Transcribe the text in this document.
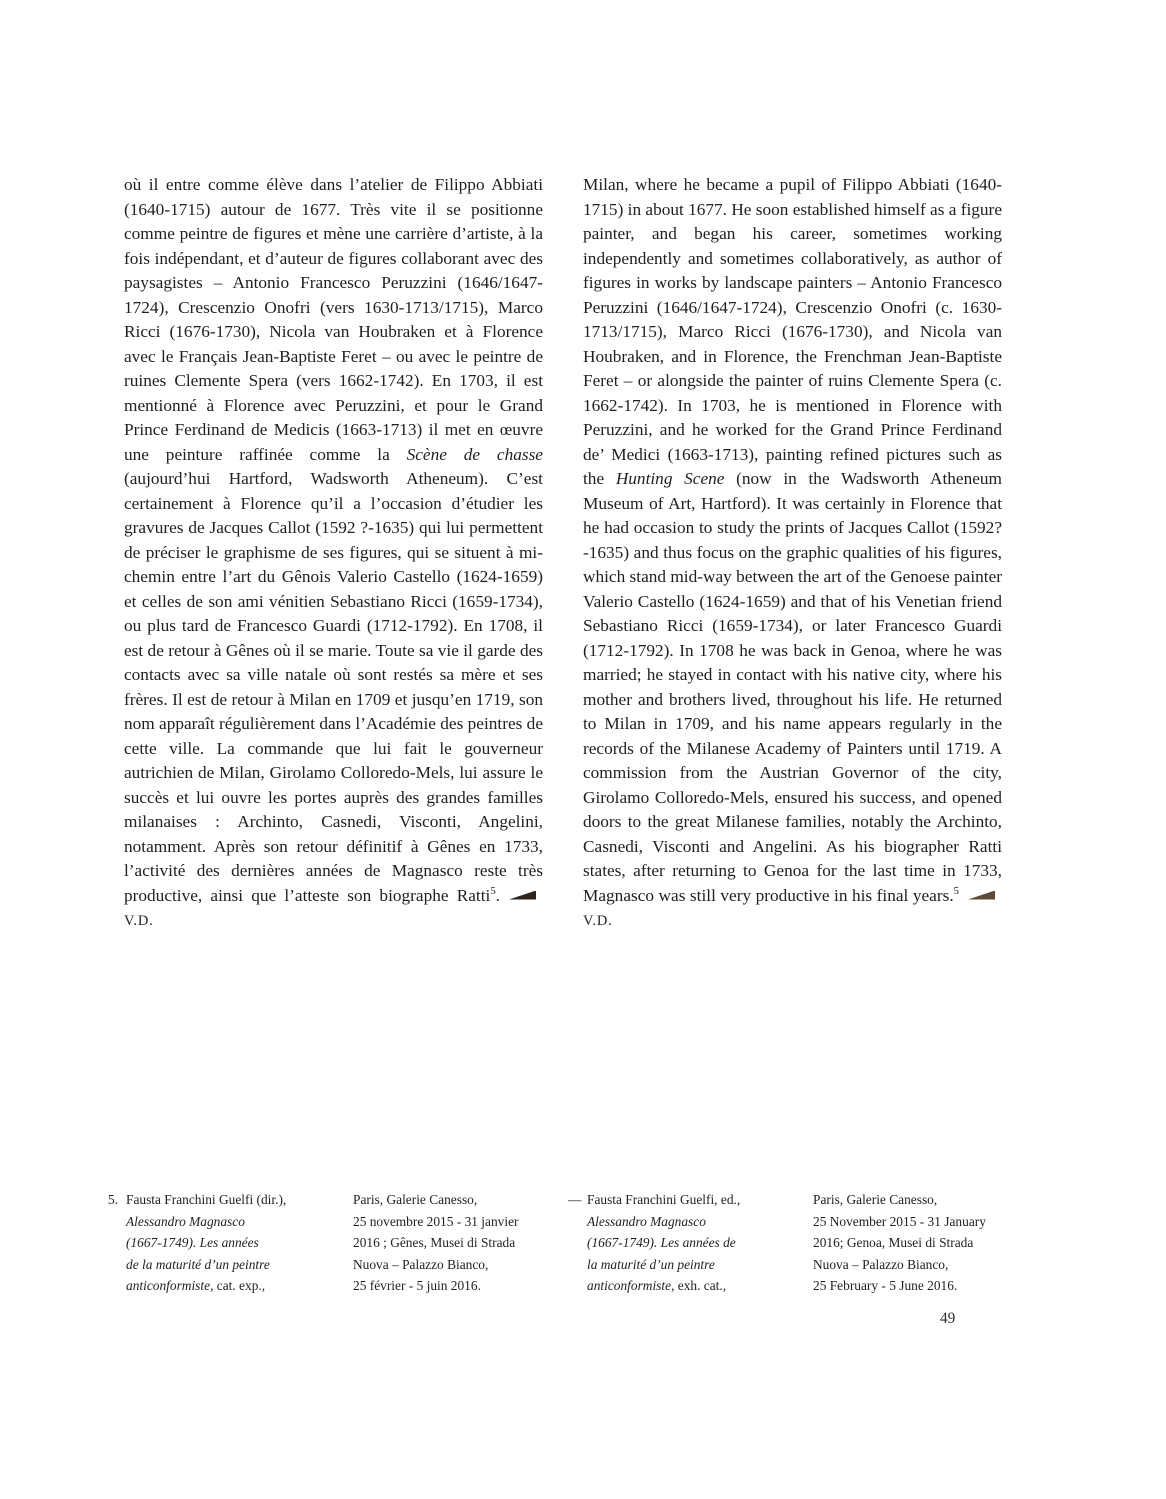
où il entre comme élève dans l’atelier de Filippo Abbiati (1640-1715) autour de 1677. Très vite il se positionne comme peintre de figures et mène une carrière d’artiste, à la fois indépendant, et d’auteur de figures collaborant avec des paysagistes – Antonio Francesco Peruzzini (1646/1647-1724), Crescenzio Onofri (vers 1630-1713/1715), Marco Ricci (1676-1730), Nicola van Houbraken et à Florence avec le Français Jean-Baptiste Feret – ou avec le peintre de ruines Clemente Spera (vers 1662-1742). En 1703, il est mentionné à Florence avec Peruzzini, et pour le Grand Prince Ferdinand de Medicis (1663-1713) il met en œuvre une peinture raffinée comme la Scène de chasse (aujourd’hui Hartford, Wadsworth Atheneum). C’est certainement à Florence qu’il a l’occasion d’étudier les gravures de Jacques Callot (1592 ?-1635) qui lui permettent de préciser le graphisme de ses figures, qui se situent à mi-chemin entre l’art du Gênois Valerio Castello (1624-1659) et celles de son ami vénitien Sebastiano Ricci (1659-1734), ou plus tard de Francesco Guardi (1712-1792). En 1708, il est de retour à Gênes où il se marie. Toute sa vie il garde des contacts avec sa ville natale où sont restés sa mère et ses frères. Il est de retour à Milan en 1709 et jusqu’en 1719, son nom apparaît régulièrement dans l’Académie des peintres de cette ville. La commande que lui fait le gouverneur autrichien de Milan, Girolamo Colloredo-Mels, lui assure le succès et lui ouvre les portes auprès des grandes familles milanaises : Archinto, Casnedi, Visconti, Angelini, notamment. Après son retour définitif à Gênes en 1733, l’activité des dernières années de Magnasco reste très productive, ainsi que l’atteste son biographe Ratti$^5$.V.D.
Milan, where he became a pupil of Filippo Abbiati (1640-1715) in about 1677. He soon established himself as a figure painter, and began his career, sometimes working independently and sometimes collaboratively, as author of figures in works by landscape painters – Antonio Francesco Peruzzini (1646/1647-1724), Crescenzio Onofri (c. 1630-1713/1715), Marco Ricci (1676-1730), and Nicola van Houbraken, and in Florence, the Frenchman Jean-Baptiste Feret – or alongside the painter of ruins Clemente Spera (c. 1662-1742). In 1703, he is mentioned in Florence with Peruzzini, and he worked for the Grand Prince Ferdinand de’ Medici (1663-1713), painting refined pictures such as the Hunting Scene (now in the Wadsworth Atheneum Museum of Art, Hartford). It was certainly in Florence that he had occasion to study the prints of Jacques Callot (1592?-1635) and thus focus on the graphic qualities of his figures, which stand mid-way between the art of the Genoese painter Valerio Castello (1624-1659) and that of his Venetian friend Sebastiano Ricci (1659-1734), or later Francesco Guardi (1712-1792). In 1708 he was back in Genoa, where he was married; he stayed in contact with his native city, where his mother and brothers lived, throughout his life. He returned to Milan in 1709, and his name appears regularly in the records of the Milanese Academy of Painters until 1719. A commission from the Austrian Governor of the city, Girolamo Colloredo-Mels, ensured his success, and opened doors to the great Milanese families, notably the Archinto, Casnedi, Visconti and Angelini. As his biographer Ratti states, after returning to Genoa for the last time in 1733, Magnasco was still very productive in his final years.$^5$V.D.
5. Fausta Franchini Guelfi (dir.),
Alessandro Magnasco
(1667-1749). Les années
de la maturité d’un peintre
anticonformiste, cat. exp.,
Paris, Galerie Canesso,
25 novembre 2015 - 31 janvier
2016 ; Gênes, Musei di Strada
Nuova – Palazzo Bianco,
25 février - 5 juin 2016.
— Fausta Franchini Guelfi, ed.,
Alessandro Magnasco
(1667-1749). Les années de
la maturité d’un peintre
anticonformiste, exh. cat.,
Paris, Galerie Canesso,
25 November 2015 - 31 January
2016; Genoa, Musei di Strada
Nuova – Palazzo Bianco,
25 February - 5 June 2016.
49
